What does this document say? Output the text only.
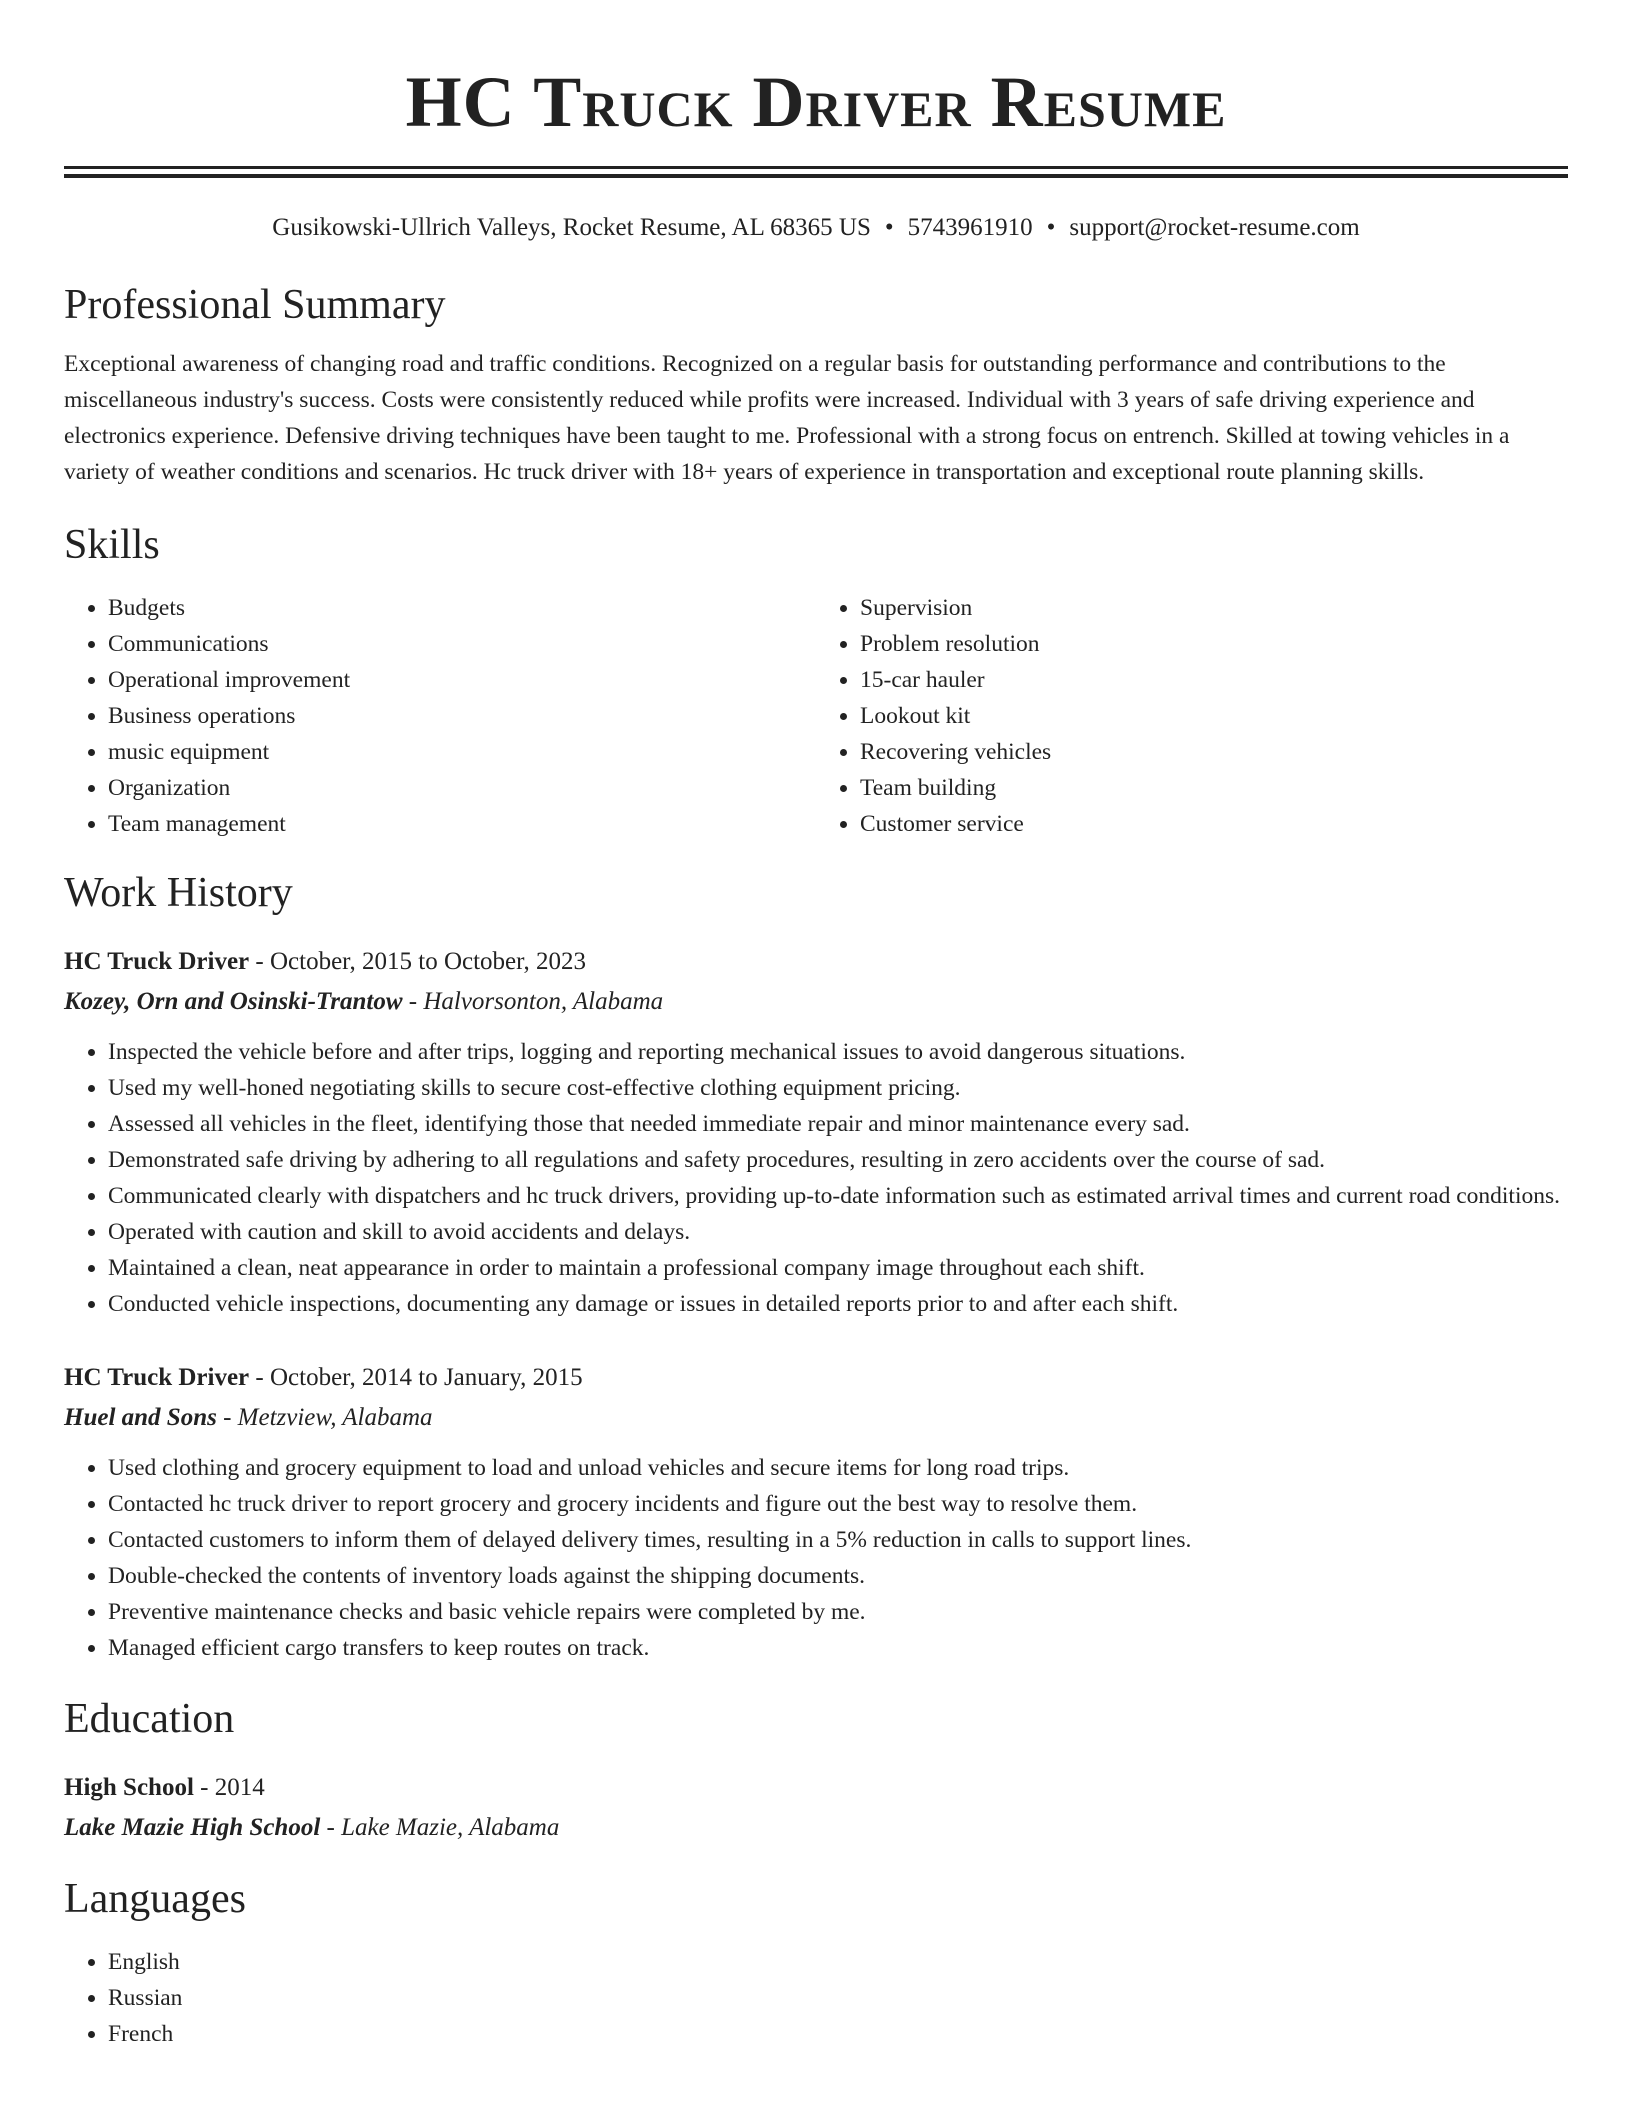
HC Truck Driver Resume
Gusikowski-Ullrich Valleys, Rocket Resume, AL 68365 US • 5743961910 • support@rocket-resume.com
Professional Summary

Exceptional awareness of changing road and traffic conditions. Recognized on a regular basis for outstanding performance and contributions to the miscellaneous industry's success. Costs were consistently reduced while profits were increased. Individual with 3 years of safe driving experience and electronics experience. Defensive driving techniques have been taught to me. Professional with a strong focus on entrench. Skilled at towing vehicles in a variety of weather conditions and scenarios. Hc truck driver with 18+ years of experience in transportation and exceptional route planning skills.

Skills
• Budgets
• Communications
• Operational improvement
• Business operations
• music equipment
• Organization
• Team management
• Supervision
• Problem resolution
• 15-car hauler
• Lookout kit
• Recovering vehicles
• Team building
• Customer service
Work History
HC Truck Driver - October, 2015 to October, 2023
Kozey, Orn and Osinski-Trantow - Halvorsonton, Alabama
• Inspected the vehicle before and after trips, logging and reporting mechanical issues to avoid dangerous situations.
• Used my well-honed negotiating skills to secure cost-effective clothing equipment pricing.
• Assessed all vehicles in the fleet, identifying those that needed immediate repair and minor maintenance every sad.
• Demonstrated safe driving by adhering to all regulations and safety procedures, resulting in zero accidents over the course of sad.
• Communicated clearly with dispatchers and hc truck drivers, providing up-to-date information such as estimated arrival times and current road conditions.
• Operated with caution and skill to avoid accidents and delays.
• Maintained a clean, neat appearance in order to maintain a professional company image throughout each shift.
• Conducted vehicle inspections, documenting any damage or issues in detailed reports prior to and after each shift.
HC Truck Driver - October, 2014 to January, 2015
Huel and Sons - Metzview, Alabama
• Used clothing and grocery equipment to load and unload vehicles and secure items for long road trips.
• Contacted hc truck driver to report grocery and grocery incidents and figure out the best way to resolve them.
• Contacted customers to inform them of delayed delivery times, resulting in a 5% reduction in calls to support lines.
• Double-checked the contents of inventory loads against the shipping documents.
• Preventive maintenance checks and basic vehicle repairs were completed by me.
• Managed efficient cargo transfers to keep routes on track.
Education
High School - 2014
Lake Mazie High School - Lake Mazie, Alabama
Languages
• English
• Russian
• French
